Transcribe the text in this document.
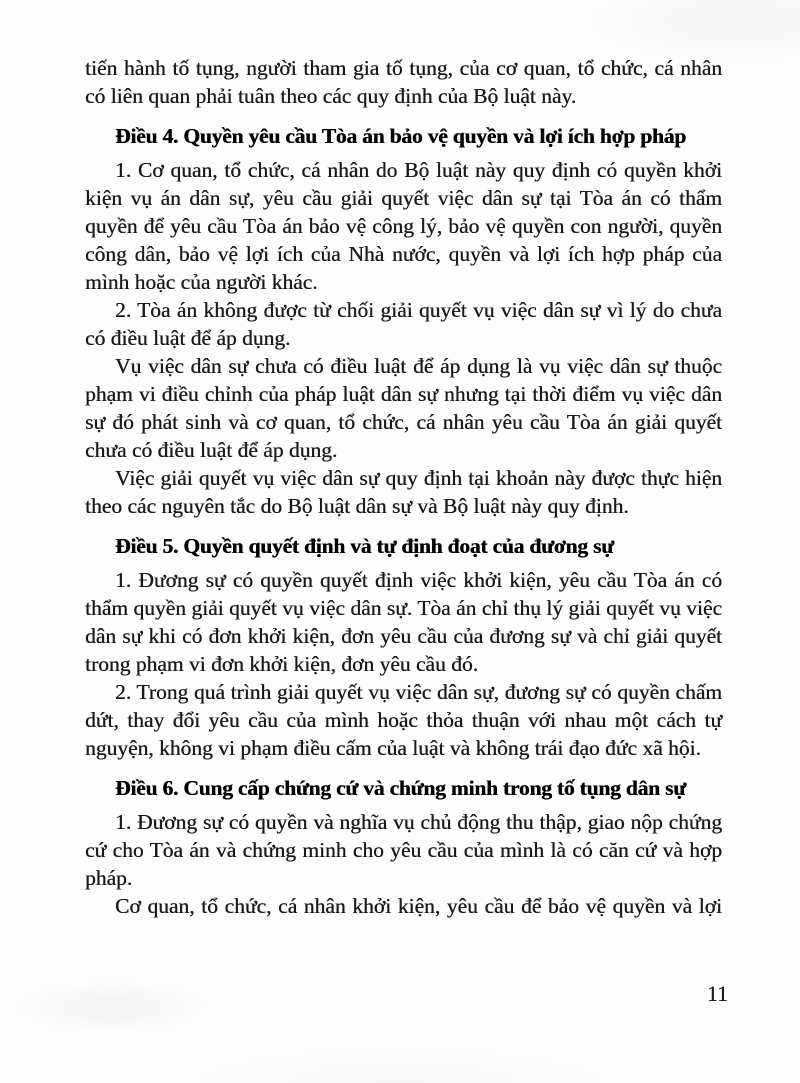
tiến hành tố tụng, người tham gia tố tụng, của cơ quan, tổ chức, cá nhân có liên quan phải tuân theo các quy định của Bộ luật này.

Điều 4. Quyền yêu cầu Tòa án bảo vệ quyền và lợi ích hợp pháp

1. Cơ quan, tổ chức, cá nhân do Bộ luật này quy định có quyền khởi kiện vụ án dân sự, yêu cầu giải quyết việc dân sự tại Tòa án có thẩm quyền để yêu cầu Tòa án bảo vệ công lý, bảo vệ quyền con người, quyền công dân, bảo vệ lợi ích của Nhà nước, quyền và lợi ích hợp pháp của mình hoặc của người khác.

2. Tòa án không được từ chối giải quyết vụ việc dân sự vì lý do chưa có điều luật để áp dụng.

Vụ việc dân sự chưa có điều luật để áp dụng là vụ việc dân sự thuộc phạm vi điều chỉnh của pháp luật dân sự nhưng tại thời điểm vụ việc dân sự đó phát sinh và cơ quan, tổ chức, cá nhân yêu cầu Tòa án giải quyết chưa có điều luật để áp dụng.

Việc giải quyết vụ việc dân sự quy định tại khoản này được thực hiện theo các nguyên tắc do Bộ luật dân sự và Bộ luật này quy định.

Điều 5. Quyền quyết định và tự định đoạt của đương sự

1. Đương sự có quyền quyết định việc khởi kiện, yêu cầu Tòa án có thẩm quyền giải quyết vụ việc dân sự. Tòa án chỉ thụ lý giải quyết vụ việc dân sự khi có đơn khởi kiện, đơn yêu cầu của đương sự và chỉ giải quyết trong phạm vi đơn khởi kiện, đơn yêu cầu đó.

2. Trong quá trình giải quyết vụ việc dân sự, đương sự có quyền chấm dứt, thay đổi yêu cầu của mình hoặc thỏa thuận với nhau một cách tự nguyện, không vi phạm điều cấm của luật và không trái đạo đức xã hội.

Điều 6. Cung cấp chứng cứ và chứng minh trong tố tụng dân sự

1. Đương sự có quyền và nghĩa vụ chủ động thu thập, giao nộp chứng cứ cho Tòa án và chứng minh cho yêu cầu của mình là có căn cứ và hợp pháp.

Cơ quan, tổ chức, cá nhân khởi kiện, yêu cầu để bảo vệ quyền và lợi

11
